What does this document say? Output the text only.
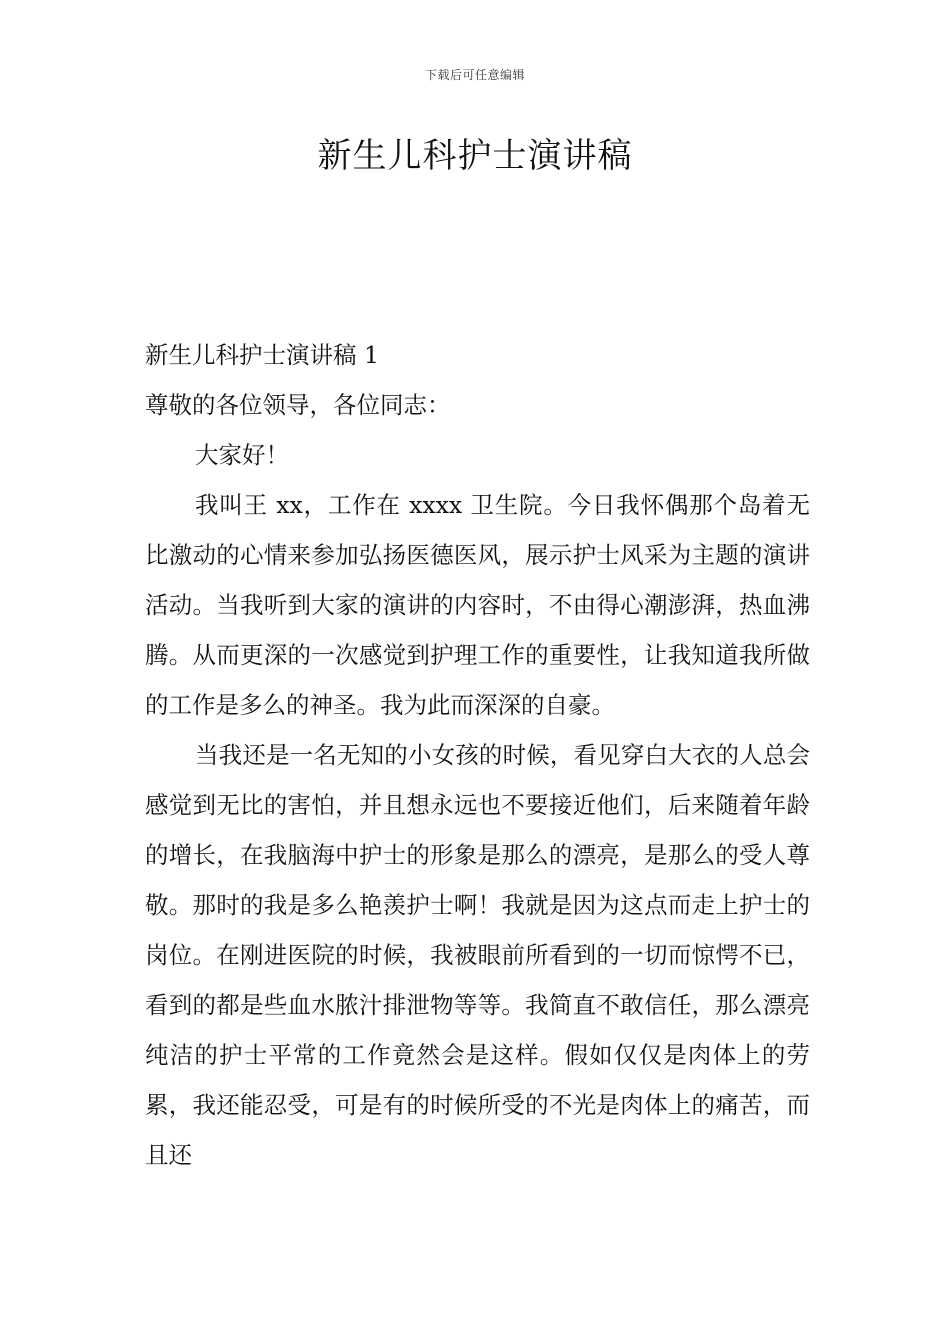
下载后可任意编辑
新生儿科护士演讲稿

新生儿科护士演讲稿 1

尊敬的各位领导，各位同志：

大家好！

我叫王 xx，工作在 xxxx 卫生院。今日我怀偶那个岛着无比激动的心情来参加弘扬医德医风，展示护士风采为主题的演讲活动。当我听到大家的演讲的内容时，不由得心潮澎湃，热血沸腾。从而更深的一次感觉到护理工作的重要性，让我知道我所做的工作是多么的神圣。我为此而深深的自豪。

当我还是一名无知的小女孩的时候，看见穿白大衣的人总会感觉到无比的害怕，并且想永远也不要接近他们，后来随着年龄的增长，在我脑海中护士的形象是那么的漂亮，是那么的受人尊敬。那时的我是多么艳羡护士啊！我就是因为这点而走上护士的岗位。在刚进医院的时候，我被眼前所看到的一切而惊愕不已，看到的都是些血水脓汁排泄物等等。我简直不敢信任，那么漂亮纯洁的护士平常的工作竟然会是这样。假如仅仅是肉体上的劳累，我还能忍受，可是有的时候所受的不光是肉体上的痛苦，而且还
